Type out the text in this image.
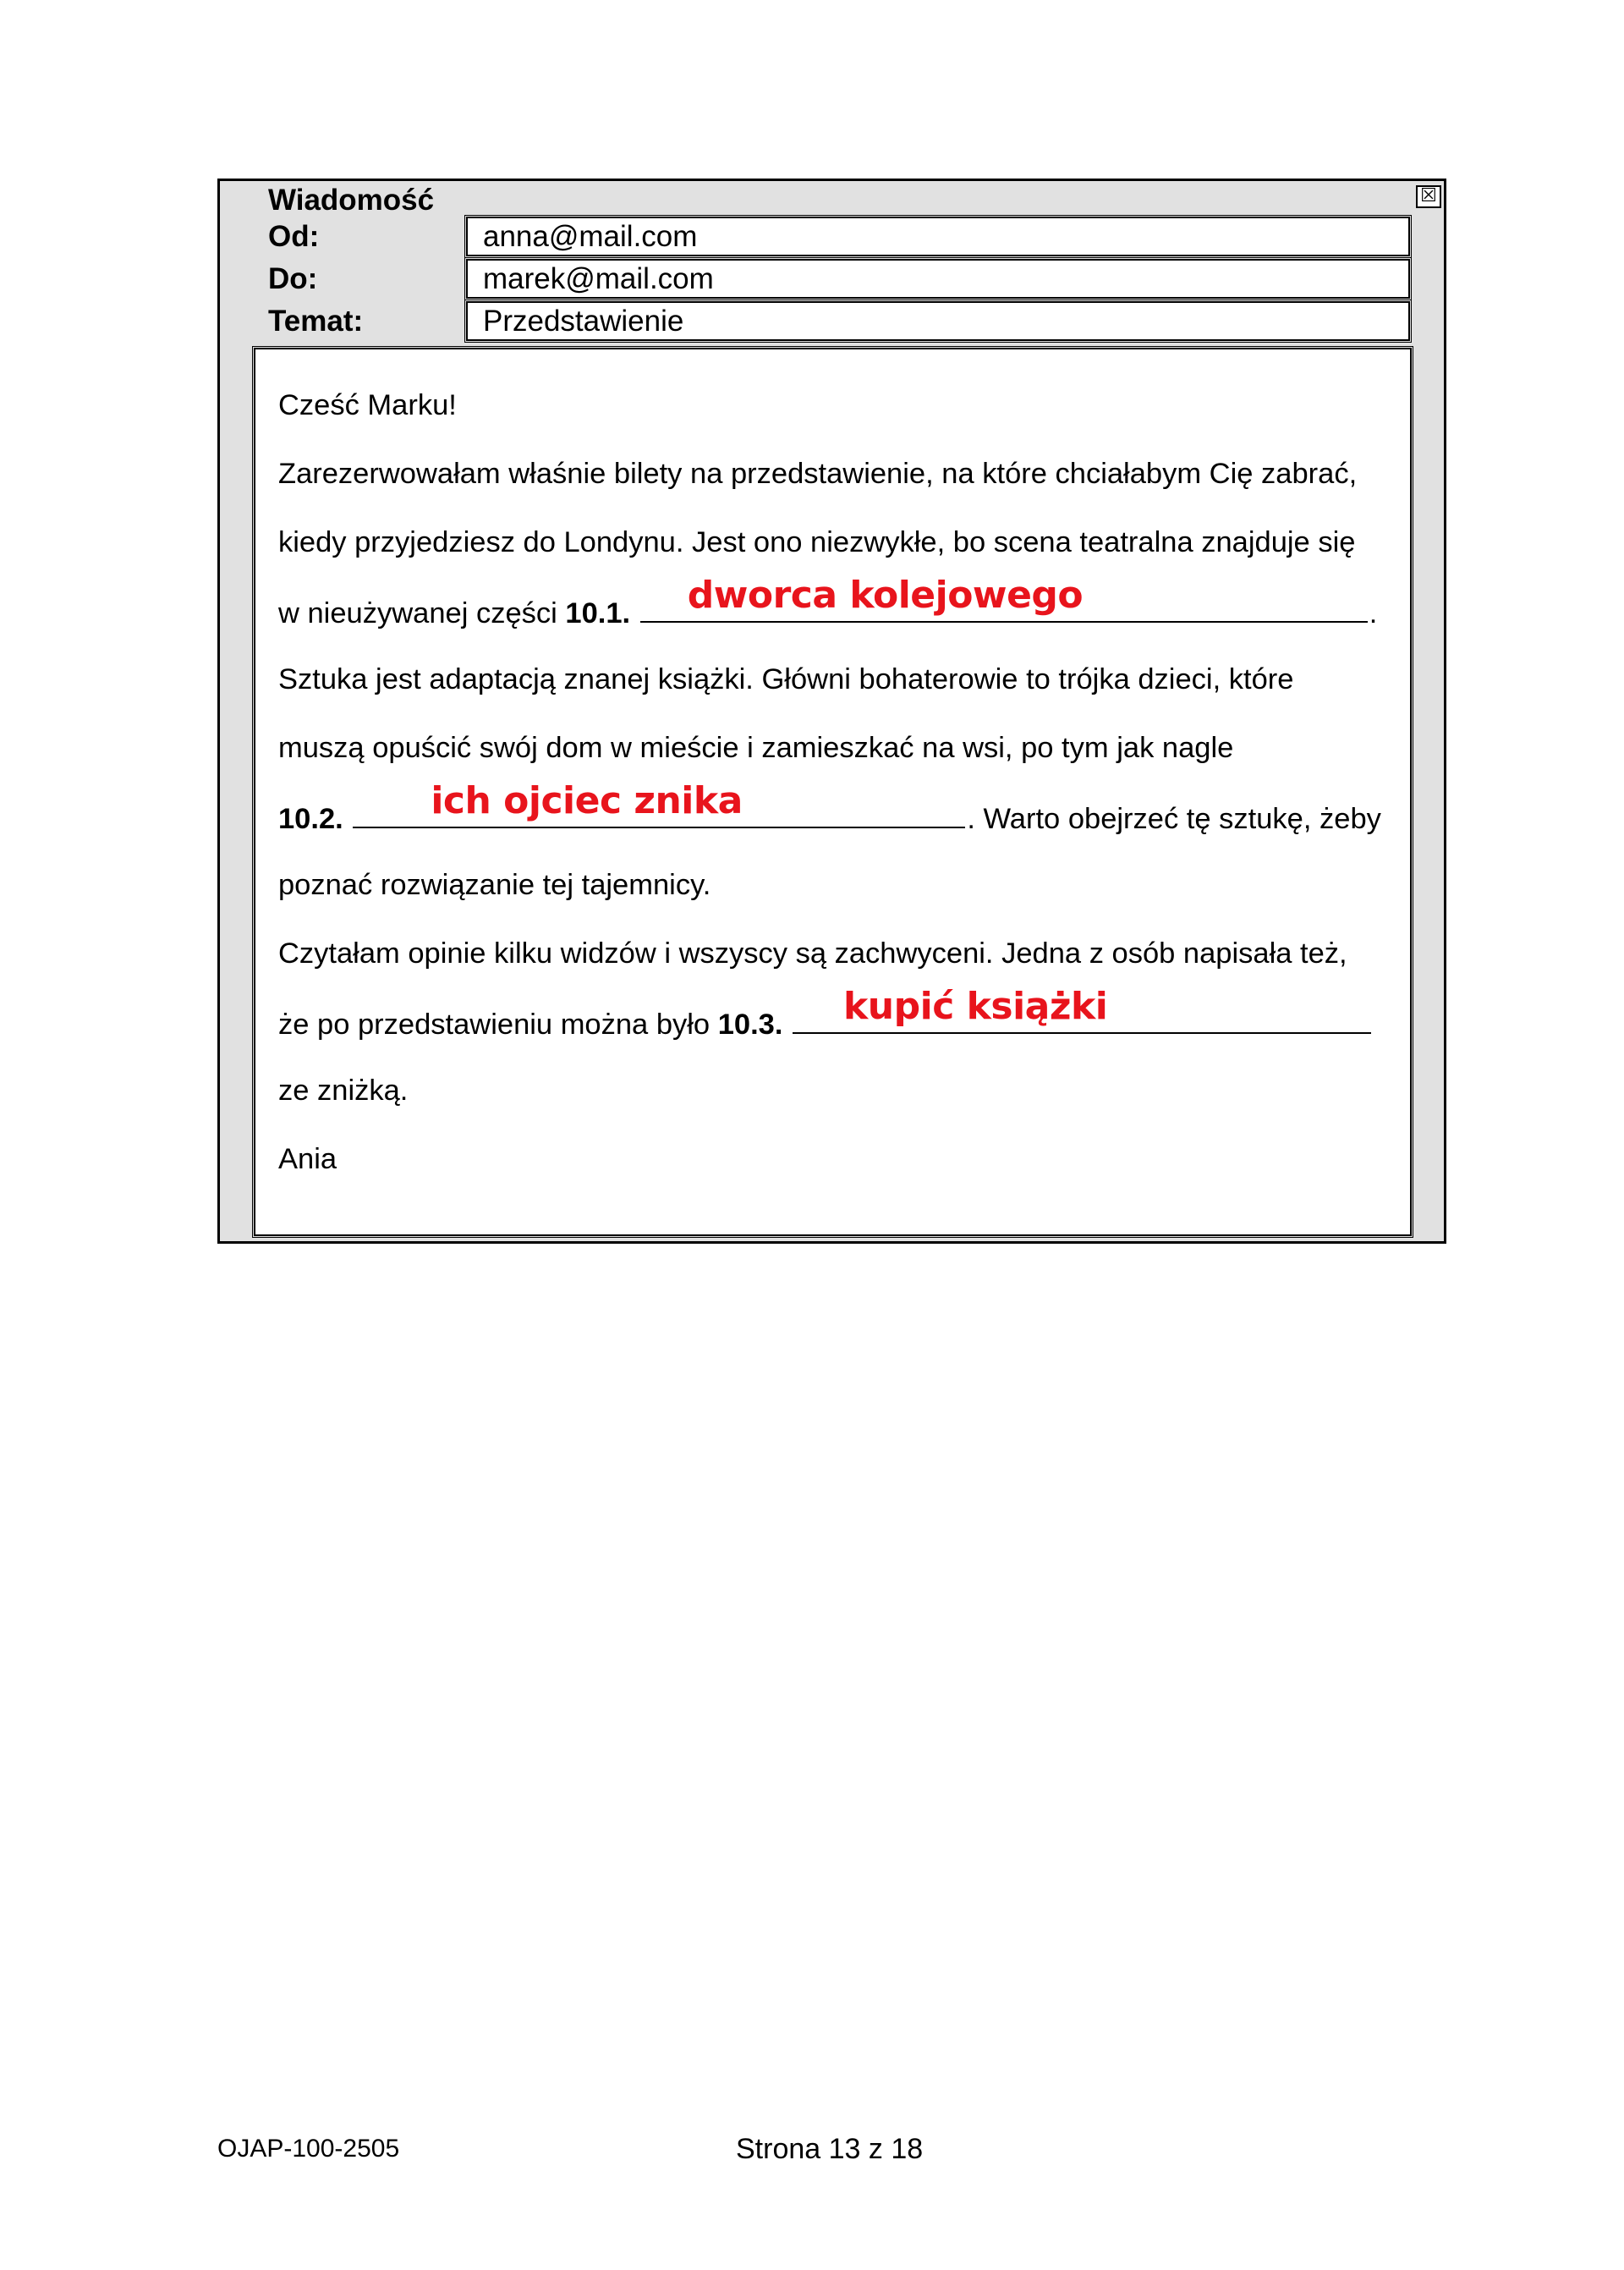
Wiadomość	☒
Od:	anna@mail.com
Do:	marek@mail.com
Temat:	Przedstawienie
Cześć Marku!
Zarezerwowałam właśnie bilety na przedstawienie, na które chciałabym Cię zabrać,
kiedy przyjedziesz do Londynu. Jest ono niezwykłe, bo scena teatralna znajduje się
w nieużywanej części 10.1. dworca kolejowego	.
Sztuka jest adaptacją znanej książki. Główni bohaterowie to trójka dzieci, które
muszą opuścić swój dom w mieście i zamieszkać na wsi, po tym jak nagle
10.2. ich ojciec znika	. Warto obejrzeć tę sztukę, żeby
poznać rozwiązanie tej tajemnicy.
Czytałam opinie kilku widzów i wszyscy są zachwyceni. Jedna z osób napisała też,
że po przedstawieniu można było 10.3. kupić książki
ze zniżką.
Ania
OJAP-100-2505	Strona 13 z 18
